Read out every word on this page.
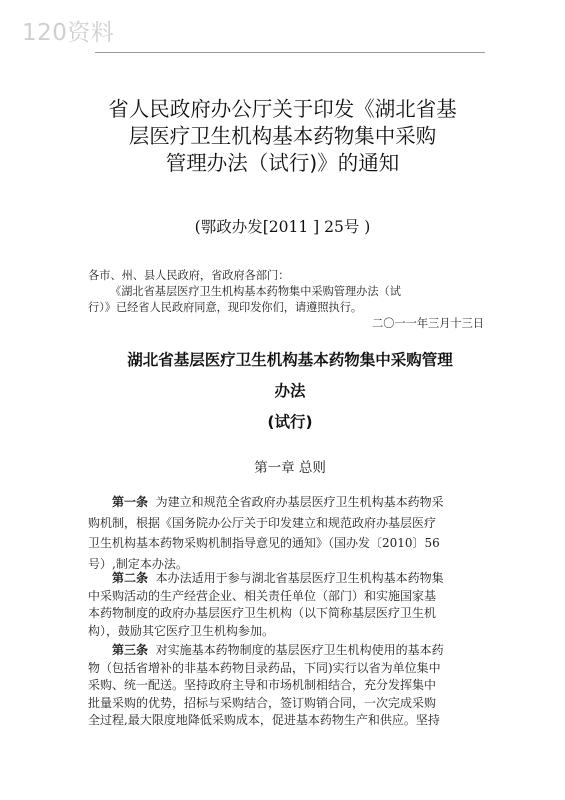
120资料
省人民政府办公厅关于印发《湖北省基
层医疗卫生机构基本药物集中采购
管理办法（试行)》的通知
(鄂政办发[2011 ] 25号 )
各市、州、县人民政府，省政府各部门：
《湖北省基层医疗卫生机构基本药物集中采购管理办法（试
行）》已经省人民政府同意，现印发你们，请遵照执行。
二〇一一年三月十三日
湖北省基层医疗卫生机构基本药物集中采购管理
办法
(试行)
第一章 总则
第一条 为建立和规范全省政府办基层医疗卫生机构基本药物采
购机制，根据《国务院办公厅关于印发建立和规范政府办基层医疗
卫生机构基本药物采购机制指导意见的通知》（国办发〔2010〕56
号）,制定本办法。
第二条 本办法适用于参与湖北省基层医疗卫生机构基本药物集
中采购活动的生产经营企业、相关责任单位（部门）和实施国家基
本药物制度的政府办基层医疗卫生机构（以下简称基层医疗卫生机
构），鼓励其它医疗卫生机构参加。
第三条 对实施基本药物制度的基层医疗卫生机构使用的基本药
物（包括省增补的非基本药物目录药品，下同)实行以省为单位集中
采购、统一配送。坚持政府主导和市场机制相结合，充分发挥集中
批量采购的优势，招标与采购结合，签订购销合同，一次完成采购
全过程,最大限度地降低采购成本，促进基本药物生产和供应。坚持
